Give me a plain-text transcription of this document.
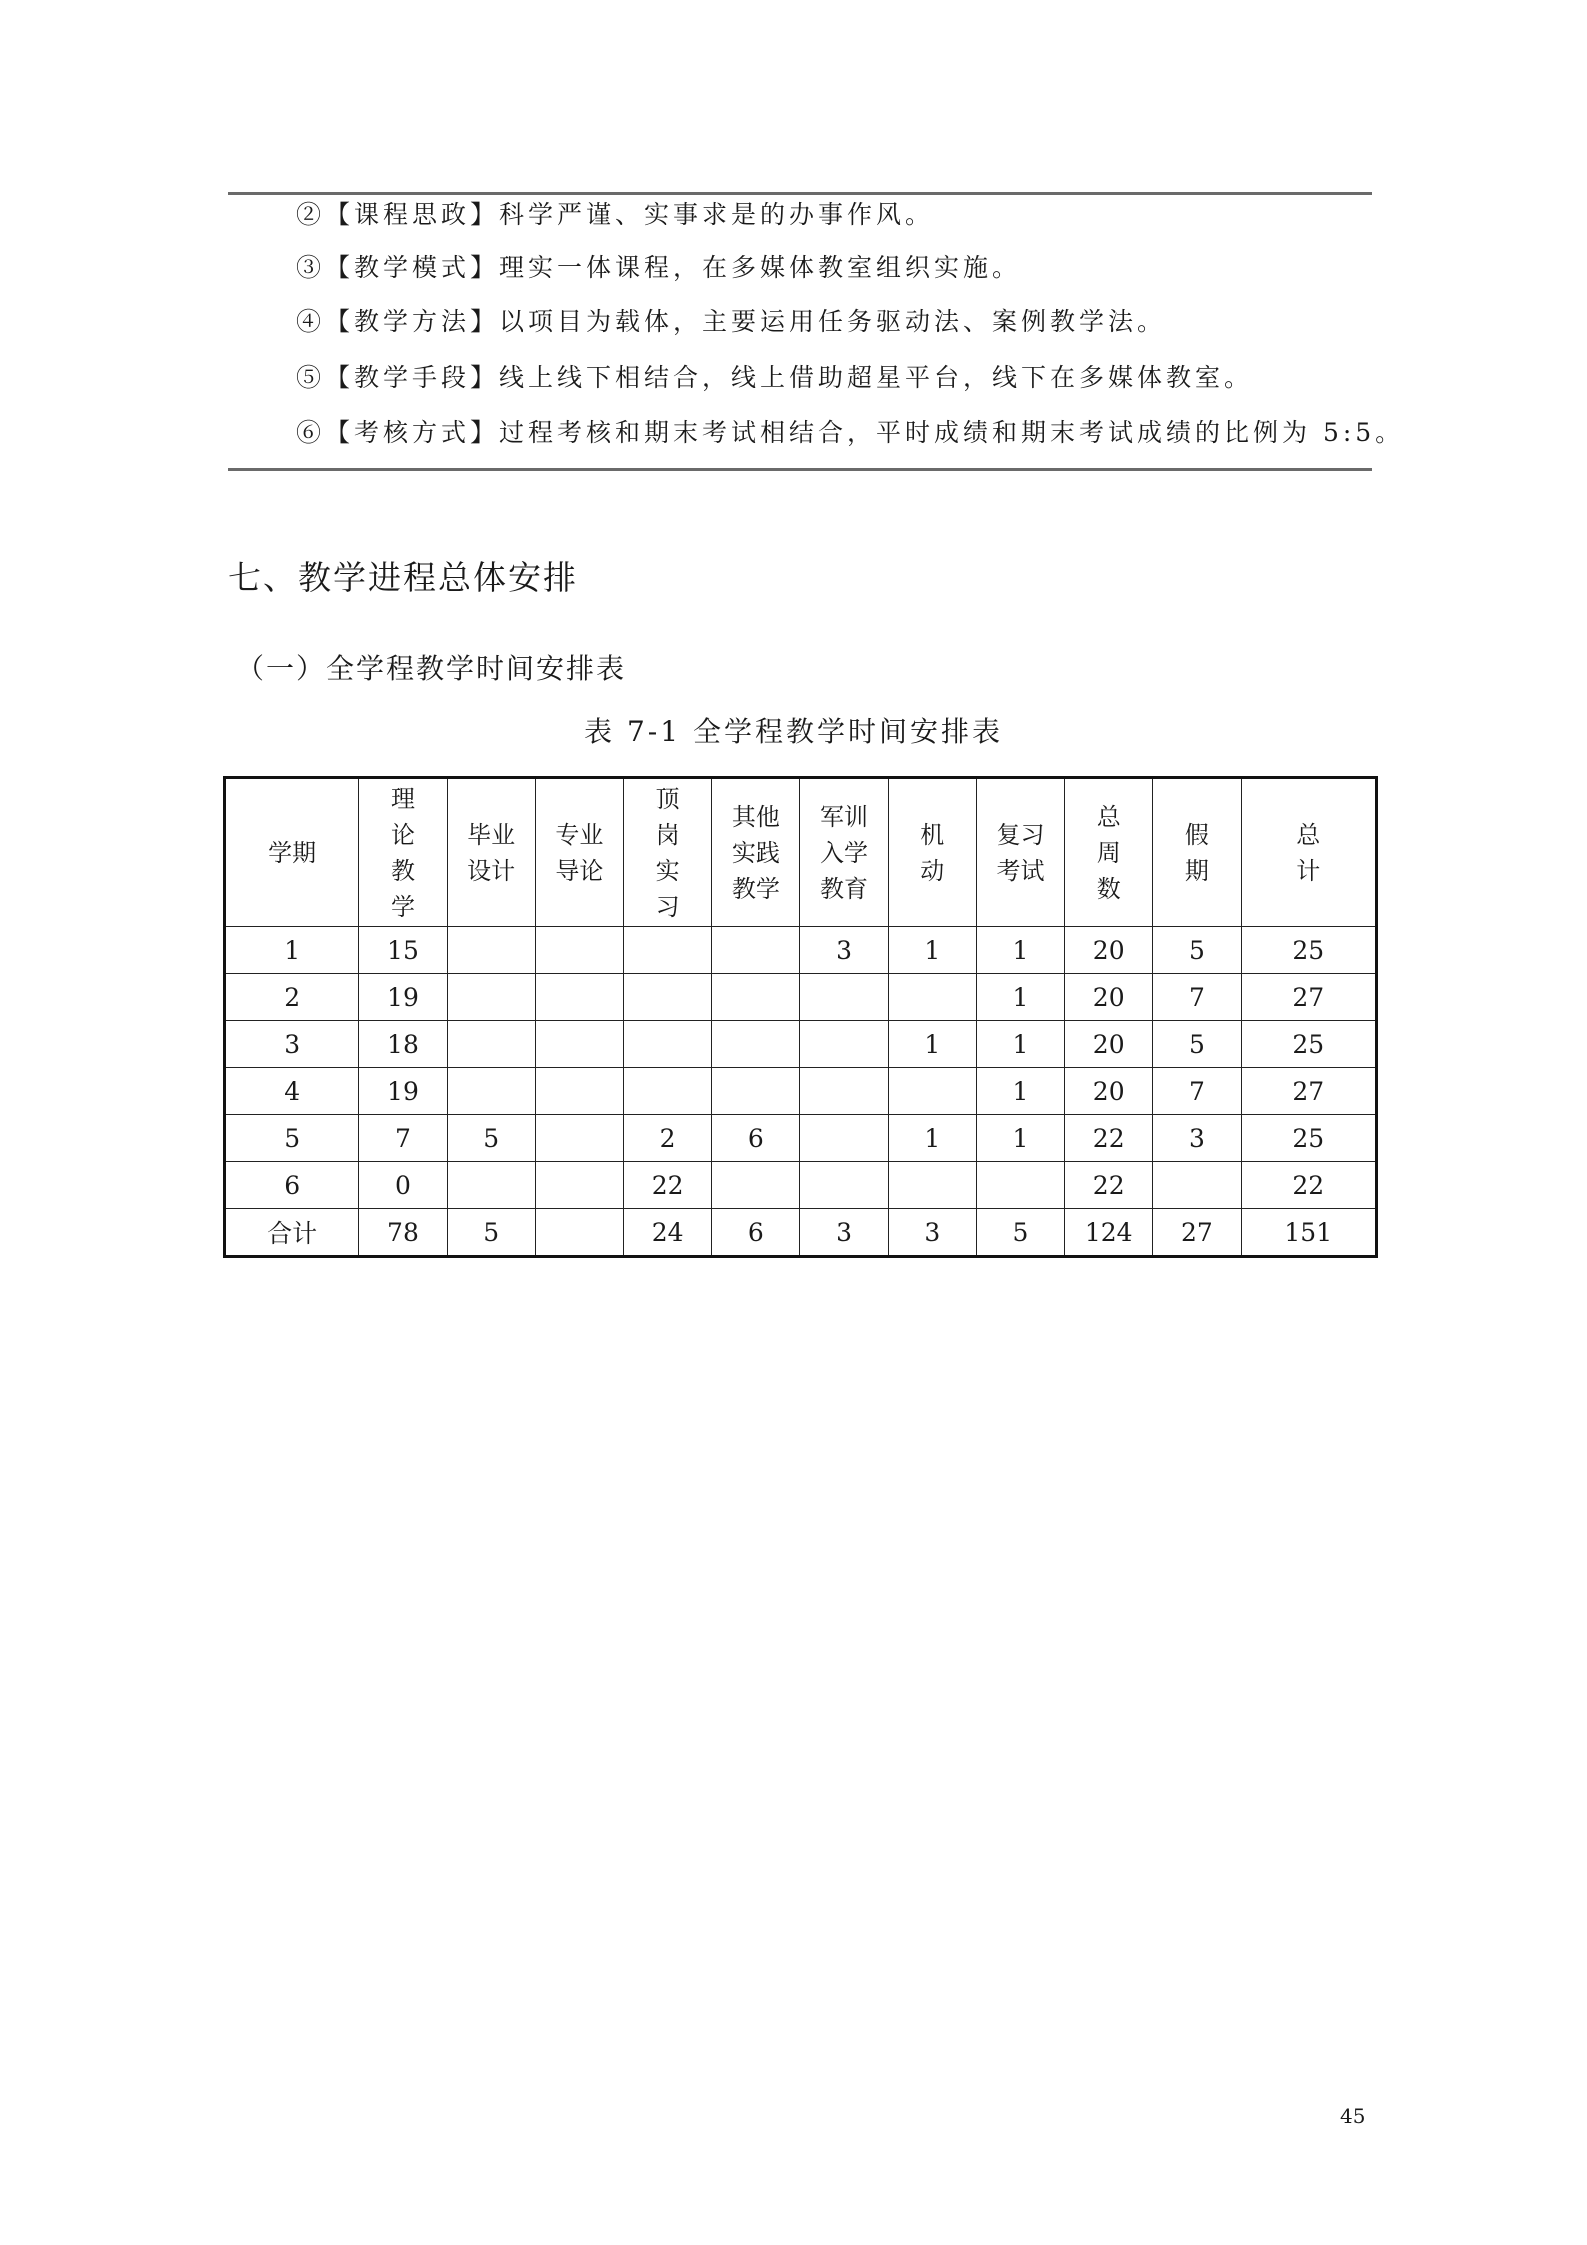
②【课程思政】科学严谨、实事求是的办事作风。
③【教学模式】理实一体课程，在多媒体教室组织实施。
④【教学方法】以项目为载体，主要运用任务驱动法、案例教学法。
⑤【教学手段】线上线下相结合，线上借助超星平台，线下在多媒体教室。
⑥【考核方式】过程考核和期末考试相结合，平时成绩和期末考试成绩的比例为 5:5。
七、教学进程总体安排
（一）全学程教学时间安排表
表 7-1 全学程教学时间安排表
学期	理
论
教
学	毕业
设计	专业
导论	顶
岗
实
习	其他
实践
教学	军训
入学
教育	机
动	复习
考试	总
周
数	假
期	总
计
1	15					3	1	1	20	5	25
2	19							1	20	7	27
3	18						1	1	20	5	25
4	19							1	20	7	27
5	7	5		2	6		1	1	22	3	25
6	0			22					22		22
合计	78	5		24	6	3	3	5	124	27	151
45
